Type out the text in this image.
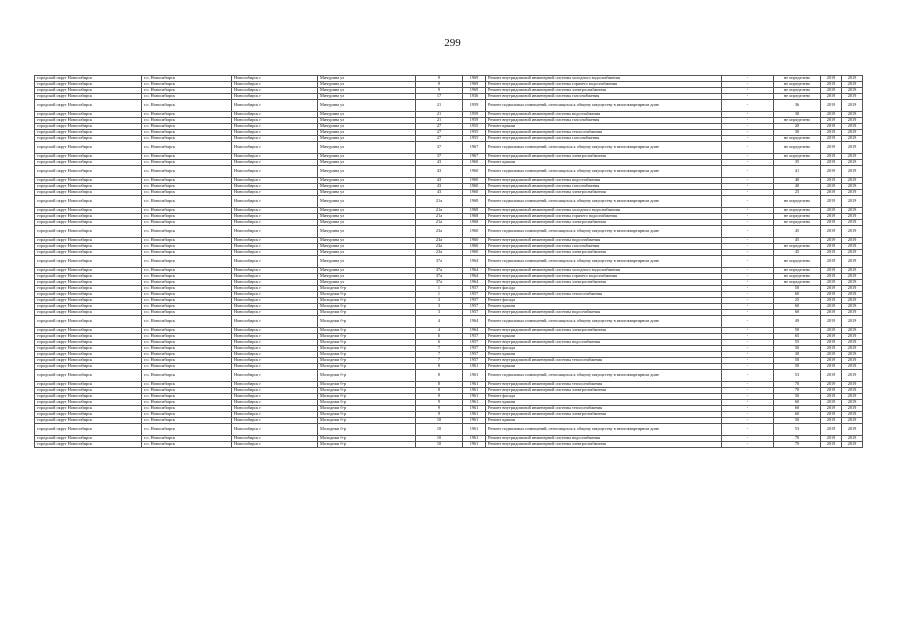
299
городской округ Новосибирск	г.о. Новосибирск	Новосибирск г	Мичурина ул	9	1969	Ремонт внутридомовой инженерной системы холодного водоснабжения	-	не определено	2019	2019
городской округ Новосибирск	г.о. Новосибирск	Новосибирск г	Мичурина ул	9	1969	Ремонт внутридомовой инженерной системы горячего водоснабжения	-	не определено	2019	2019
городской округ Новосибирск	г.о. Новосибирск	Новосибирск г	Мичурина ул	9	1969	Ремонт внутридомовой инженерной системы электроснабжения	-	не определено	2019	2019
городской округ Новосибирск	г.о. Новосибирск	Новосибирск г	Мичурина ул	17	1936	Ремонт внутридомовой инженерной системы газоснабжения	-	не определено	2019	2019
городской округ Новосибирск	г.о. Новосибирск	Новосибирск г	Мичурина ул	21	1959	Ремонт подвальных помещений, относящихся к общему имуществу в многоквартирном доме	-	36	2019	2019
городской округ Новосибирск	г.о. Новосибирск	Новосибирск г	Мичурина ул	21	1959	Ремонт внутридомовой инженерной системы водоснабжения	-	30	2019	2019
городской округ Новосибирск	г.о. Новосибирск	Новосибирск г	Мичурина ул	21	1959	Ремонт внутридомовой инженерной системы газоснабжения	-	не определено	2019	2019
городской округ Новосибирск	г.о. Новосибирск	Новосибирск г	Мичурина ул	27	1955	Ремонт крыши	-	20	2019	2019
городской округ Новосибирск	г.о. Новосибирск	Новосибирск г	Мичурина ул	27	1955	Ремонт внутридомовой инженерной системы теплоснабжения	-	30	2019	2019
городской округ Новосибирск	г.о. Новосибирск	Новосибирск г	Мичурина ул	27	1955	Ремонт внутридомовой инженерной системы газоснабжения	-	не определено	2019	2019
городской округ Новосибирск	г.о. Новосибирск	Новосибирск г	Мичурина ул	37	1967	Ремонт подвальных помещений, относящихся к общему имуществу в многоквартирном доме	-	не определено	2019	2019
городской округ Новосибирск	г.о. Новосибирск	Новосибирск г	Мичурина ул	37	1967	Ремонт внутридомовой инженерной системы электроснабжения	-	не определено	2019	2019
городской округ Новосибирск	г.о. Новосибирск	Новосибирск г	Мичурина ул	43	1960	Ремонт крыши	-	35	2019	2019
городской округ Новосибирск	г.о. Новосибирск	Новосибирск г	Мичурина ул	43	1960	Ремонт подвальных помещений, относящихся к общему имуществу в многоквартирном доме	-	41	2019	2019
городской округ Новосибирск	г.о. Новосибирск	Новосибирск г	Мичурина ул	43	1960	Ремонт внутридомовой инженерной системы водоснабжения	-	40	2019	2019
городской округ Новосибирск	г.о. Новосибирск	Новосибирск г	Мичурина ул	43	1960	Ремонт внутридомовой инженерной системы газоснабжения	-	40	2019	2019
городской округ Новосибирск	г.о. Новосибирск	Новосибирск г	Мичурина ул	43	1960	Ремонт внутридомовой инженерной системы электроснабжения	-	25	2019	2019
городской округ Новосибирск	г.о. Новосибирск	Новосибирск г	Мичурина ул	21а	1968	Ремонт подвальных помещений, относящихся к общему имуществу в многоквартирном доме	-	не определено	2019	2019
городской округ Новосибирск	г.о. Новосибирск	Новосибирск г	Мичурина ул	21а	1968	Ремонт внутридомовой инженерной системы холодного водоснабжения	-	не определено	2019	2019
городской округ Новосибирск	г.о. Новосибирск	Новосибирск г	Мичурина ул	21а	1968	Ремонт внутридомовой инженерной системы горячего водоснабжения	-	не определено	2019	2019
городской округ Новосибирск	г.о. Новосибирск	Новосибирск г	Мичурина ул	21а	1968	Ремонт внутридомовой инженерной системы электроснабжения	-	не определено	2019	2019
городской округ Новосибирск	г.о. Новосибирск	Новосибирск г	Мичурина ул	23а	1960	Ремонт подвальных помещений, относящихся к общему имуществу в многоквартирном доме	-	45	2019	2019
городской округ Новосибирск	г.о. Новосибирск	Новосибирск г	Мичурина ул	23а	1960	Ремонт внутридомовой инженерной системы водоснабжения	-	45	2019	2019
городской округ Новосибирск	г.о. Новосибирск	Новосибирск г	Мичурина ул	23а	1960	Ремонт внутридомовой инженерной системы газоснабжения	-	не определено	2019	2019
городской округ Новосибирск	г.о. Новосибирск	Новосибирск г	Мичурина ул	23а	1960	Ремонт внутридомовой инженерной системы электроснабжения	-	45	2019	2019
городской округ Новосибирск	г.о. Новосибирск	Новосибирск г	Мичурина ул	37а	1964	Ремонт подвальных помещений, относящихся к общему имуществу в многоквартирном доме	-	не определено	2019	2019
городской округ Новосибирск	г.о. Новосибирск	Новосибирск г	Мичурина ул	37а	1964	Ремонт внутридомовой инженерной системы холодного водоснабжения	-	не определено	2019	2019
городской округ Новосибирск	г.о. Новосибирск	Новосибирск г	Мичурина ул	37а	1964	Ремонт внутридомовой инженерной системы горячего водоснабжения	-	не определено	2019	2019
городской округ Новосибирск	г.о. Новосибирск	Новосибирск г	Мичурина ул	37а	1964	Ремонт внутридомовой инженерной системы электроснабжения	-	не определено	2019	2019
городской округ Новосибирск	г.о. Новосибирск	Новосибирск г	Молодежи б-р	1	1957	Ремонт фасада	-	50	2019	2019
городской округ Новосибирск	г.о. Новосибирск	Новосибирск г	Молодежи б-р	1	1957	Ремонт внутридомовой инженерной системы теплоснабжения	-	60	2019	2019
городской округ Новосибирск	г.о. Новосибирск	Новосибирск г	Молодежи б-р	3	1957	Ремонт фасада	-	25	2019	2019
городской округ Новосибирск	г.о. Новосибирск	Новосибирск г	Молодежи б-р	3	1957	Ремонт крыши	-	60	2019	2019
городской округ Новосибирск	г.о. Новосибирск	Новосибирск г	Молодежи б-р	3	1957	Ремонт внутридомовой инженерной системы водоснабжения	-	60	2019	2019
городской округ Новосибирск	г.о. Новосибирск	Новосибирск г	Молодежи б-р	4	1964	Ремонт подвальных помещений, относящихся к общему имуществу в многоквартирном доме	-	49	2019	2019
городской округ Новосибирск	г.о. Новосибирск	Новосибирск г	Молодежи б-р	4	1964	Ремонт внутридомовой инженерной системы электроснабжения	-	50	2019	2019
городской округ Новосибирск	г.о. Новосибирск	Новосибирск г	Молодежи б-р	6	1957	Ремонт крыши	-	65	2019	2019
городской округ Новосибирск	г.о. Новосибирск	Новосибирск г	Молодежи б-р	6	1957	Ремонт внутридомовой инженерной системы водоснабжения	-	55	2019	2019
городской округ Новосибирск	г.о. Новосибирск	Новосибирск г	Молодежи б-р	7	1957	Ремонт фасада	-	50	2019	2019
городской округ Новосибирск	г.о. Новосибирск	Новосибирск г	Молодежи б-р	7	1957	Ремонт крыши	-	30	2019	2019
городской округ Новосибирск	г.о. Новосибирск	Новосибирск г	Молодежи б-р	7	1957	Ремонт внутридомовой инженерной системы теплоснабжения	-	50	2019	2019
городской округ Новосибирск	г.о. Новосибирск	Новосибирск г	Молодежи б-р	8	1961	Ремонт крыши	-	50	2019	2019
городской округ Новосибирск	г.о. Новосибирск	Новосибирск г	Молодежи б-р	8	1961	Ремонт подвальных помещений, относящихся к общему имуществу в многоквартирном доме	-	53	2019	2019
городской округ Новосибирск	г.о. Новосибирск	Новосибирск г	Молодежи б-р	8	1961	Ремонт внутридомовой инженерной системы теплоснабжения	-	70	2019	2019
городской округ Новосибирск	г.о. Новосибирск	Новосибирск г	Молодежи б-р	8	1961	Ремонт внутридомовой инженерной системы электроснабжения	-	70	2019	2019
городской округ Новосибирск	г.о. Новосибирск	Новосибирск г	Молодежи б-р	9	1961	Ремонт фасада	-	50	2019	2019
городской округ Новосибирск	г.о. Новосибирск	Новосибирск г	Молодежи б-р	9	1961	Ремонт крыши	-	60	2019	2019
городской округ Новосибирск	г.о. Новосибирск	Новосибирск г	Молодежи б-р	9	1961	Ремонт внутридомовой инженерной системы теплоснабжения	-	60	2019	2019
городской округ Новосибирск	г.о. Новосибирск	Новосибирск г	Молодежи б-р	9	1961	Ремонт внутридомовой инженерной системы электроснабжения	-	60	2019	2019
городской округ Новосибирск	г.о. Новосибирск	Новосибирск г	Молодежи б-р	10	1961	Ремонт крыши	-	50	2019	2019
городской округ Новосибирск	г.о. Новосибирск	Новосибирск г	Молодежи б-р	10	1961	Ремонт подвальных помещений, относящихся к общему имуществу в многоквартирном доме	-	53	2019	2019
городской округ Новосибирск	г.о. Новосибирск	Новосибирск г	Молодежи б-р	10	1961	Ремонт внутридомовой инженерной системы водоснабжения	-	70	2019	2019
городской округ Новосибирск	г.о. Новосибирск	Новосибирск г	Молодежи б-р	10	1961	Ремонт внутридомовой инженерной системы электроснабжения	-	70	2019	2019
